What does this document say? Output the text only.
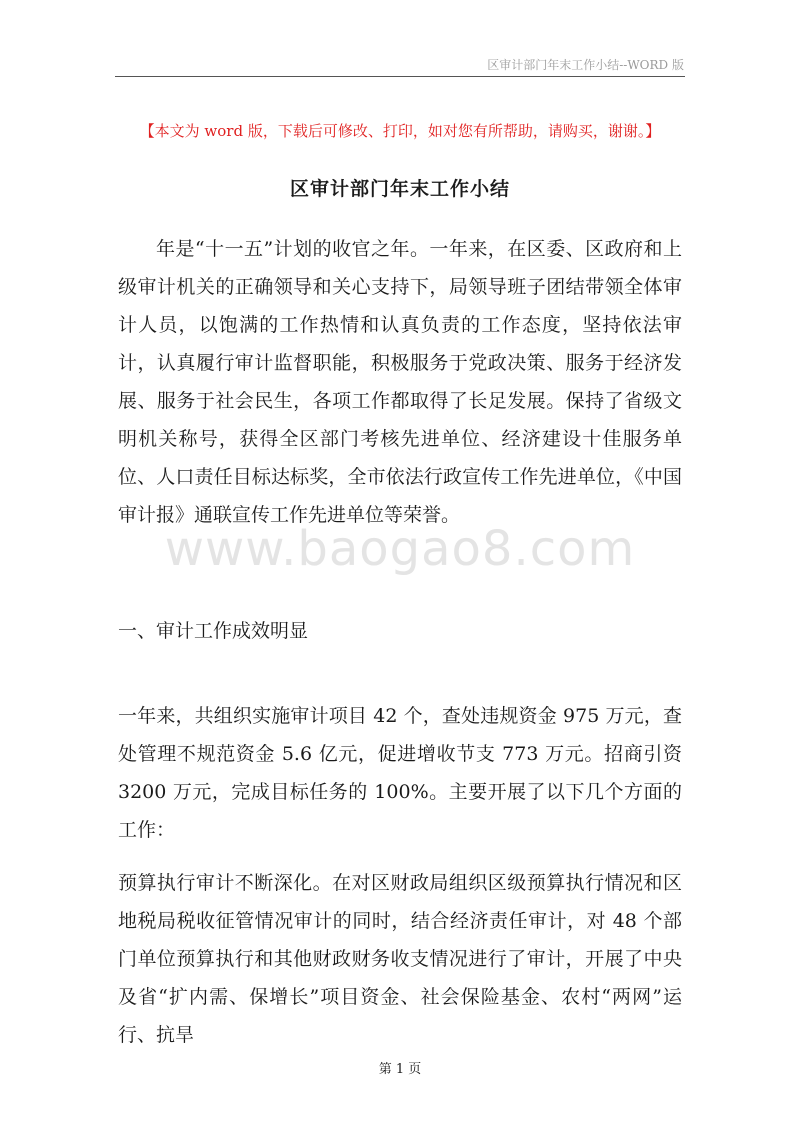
区审计部门年末工作小结--WORD 版
【本文为 word 版，下载后可修改、打印，如对您有所帮助，请购买，谢谢。】
区审计部门年末工作小结
www.baogao8.com

年是“十一五”计划的收官之年。一年来，在区委、区政府和上级审计机关的正确领导和关心支持下，局领导班子团结带领全体审计人员，以饱满的工作热情和认真负责的工作态度，坚持依法审计，认真履行审计监督职能，积极服务于党政决策、服务于经济发展、服务于社会民生，各项工作都取得了长足发展。保持了省级文明机关称号，获得全区部门考核先进单位、经济建设十佳服务单位、人口责任目标达标奖，全市依法行政宣传工作先进单位，《中国审计报》通联宣传工作先进单位等荣誉。

一、审计工作成效明显

一年来，共组织实施审计项目 42 个，查处违规资金 975 万元，查处管理不规范资金 5.6 亿元，促进增收节支 773 万元。招商引资 3200 万元，完成目标任务的 100%。主要开展了以下几个方面的工作：

预算执行审计不断深化。在对区财政局组织区级预算执行情况和区地税局税收征管情况审计的同时，结合经济责任审计，对 48 个部门单位预算执行和其他财政财务收支情况进行了审计，开展了中央及省“扩内需、保增长”项目资金、社会保险基金、农村“两网”运行、抗旱

第 1 页
